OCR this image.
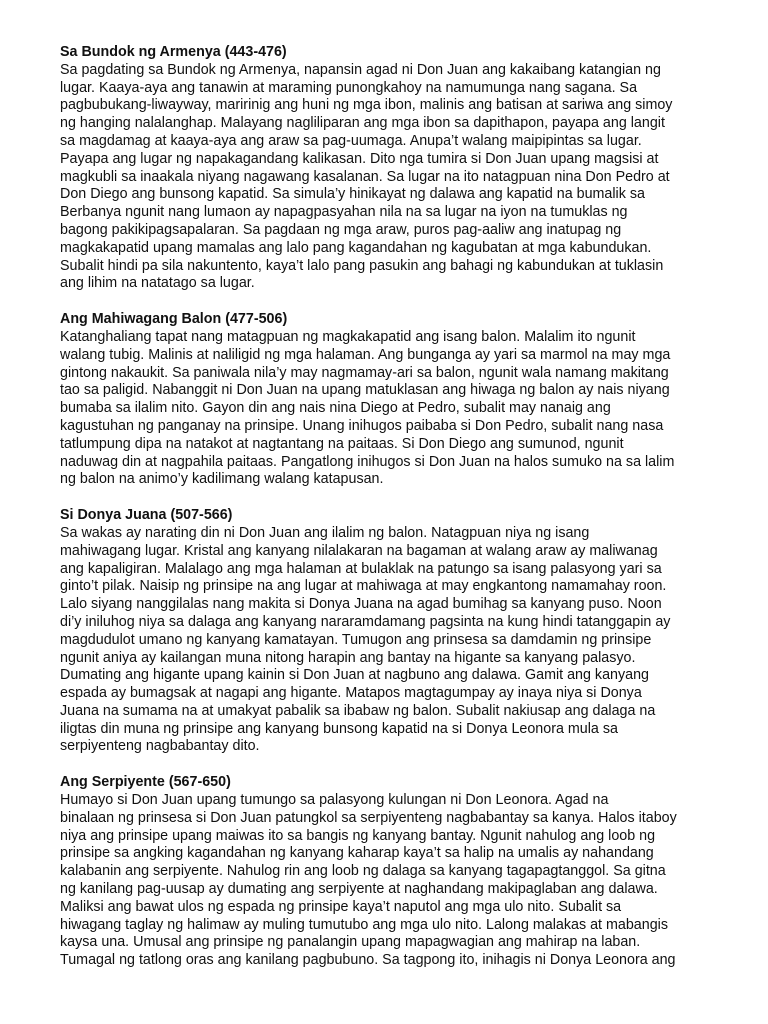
Sa Bundok ng Armenya (443-476)
Sa pagdating sa Bundok ng Armenya, napansin agad ni Don Juan ang kakaibang katangian ng
lugar. Kaaya-aya ang tanawin at maraming punongkahoy na namumunga nang sagana. Sa
pagbubukang-liwayway, maririnig ang huni ng mga ibon, malinis ang batisan at sariwa ang simoy
ng hanging nalalanghap. Malayang nagliliparan ang mga ibon sa dapithapon, payapa ang langit
sa magdamag at kaaya-aya ang araw sa pag-uumaga. Anupa’t walang maipipintas sa lugar.
Payapa ang lugar ng napakagandang kalikasan. Dito nga tumira si Don Juan upang magsisi at
magkubli sa inaakala niyang nagawang kasalanan. Sa lugar na ito natagpuan nina Don Pedro at
Don Diego ang bunsong kapatid. Sa simula’y hinikayat ng dalawa ang kapatid na bumalik sa
Berbanya ngunit nang lumaon ay napagpasyahan nila na sa lugar na iyon na tumuklas ng
bagong pakikipagsapalaran. Sa pagdaan ng mga araw, puros pag-aaliw ang inatupag ng
magkakapatid upang mamalas ang lalo pang kagandahan ng kagubatan at mga kabundukan.
Subalit hindi pa sila nakuntento, kaya’t lalo pang pasukin ang bahagi ng kabundukan at tuklasin
ang lihim na natatago sa lugar.
Ang Mahiwagang Balon (477-506)
Katanghaliang tapat nang matagpuan ng magkakapatid ang isang balon. Malalim ito ngunit
walang tubig. Malinis at naliligid ng mga halaman. Ang bunganga ay yari sa marmol na may mga
gintong nakaukit. Sa paniwala nila’y may nagmamay-ari sa balon, ngunit wala namang makitang
tao sa paligid. Nabanggit ni Don Juan na upang matuklasan ang hiwaga ng balon ay nais niyang
bumaba sa ilalim nito. Gayon din ang nais nina Diego at Pedro, subalit may nanaig ang
kagustuhan ng panganay na prinsipe. Unang inihugos paibaba si Don Pedro, subalit nang nasa
tatlumpung dipa na natakot at nagtantang na paitaas. Si Don Diego ang sumunod, ngunit
naduwag din at nagpahila paitaas. Pangatlong inihugos si Don Juan na halos sumuko na sa lalim
ng balon na animo’y kadilimang walang katapusan.
Si Donya Juana (507-566)
Sa wakas ay narating din ni Don Juan ang ilalim ng balon. Natagpuan niya ng isang
mahiwagang lugar. Kristal ang kanyang nilalakaran na bagaman at walang araw ay maliwanag
ang kapaligiran. Malalago ang mga halaman at bulaklak na patungo sa isang palasyong yari sa
ginto’t pilak. Naisip ng prinsipe na ang lugar at mahiwaga at may engkantong namamahay roon.
Lalo siyang nanggilalas nang makita si Donya Juana na agad bumihag sa kanyang puso. Noon
di’y iniluhog niya sa dalaga ang kanyang nararamdamang pagsinta na kung hindi tatanggapin ay
magdudulot umano ng kanyang kamatayan. Tumugon ang prinsesa sa damdamin ng prinsipe
ngunit aniya ay kailangan muna nitong harapin ang bantay na higante sa kanyang palasyo.
Dumating ang higante upang kainin si Don Juan at nagbuno ang dalawa. Gamit ang kanyang
espada ay bumagsak at nagapi ang higante. Matapos magtagumpay ay inaya niya si Donya
Juana na sumama na at umakyat pabalik sa ibabaw ng balon. Subalit nakiusap ang dalaga na
iligtas din muna ng prinsipe ang kanyang bunsong kapatid na si Donya Leonora mula sa
serpiyenteng nagbabantay dito.
Ang Serpiyente (567-650)
Humayo si Don Juan upang tumungo sa palasyong kulungan ni Don Leonora. Agad na
binalaan ng prinsesa si Don Juan patungkol sa serpiyenteng nagbabantay sa kanya. Halos itaboy
niya ang prinsipe upang maiwas ito sa bangis ng kanyang bantay. Ngunit nahulog ang loob ng
prinsipe sa angking kagandahan ng kanyang kaharap kaya’t sa halip na umalis ay nahandang
kalabanin ang serpiyente. Nahulog rin ang loob ng dalaga sa kanyang tagapagtanggol. Sa gitna
ng kanilang pag-uusap ay dumating ang serpiyente at naghandang makipaglaban ang dalawa.
Maliksi ang bawat ulos ng espada ng prinsipe kaya’t naputol ang mga ulo nito. Subalit sa
hiwagang taglay ng halimaw ay muling tumutubo ang mga ulo nito. Lalong malakas at mabangis
kaysa una. Umusal ang prinsipe ng panalangin upang mapagwagian ang mahirap na laban.
Tumagal ng tatlong oras ang kanilang pagbubuno. Sa tagpong ito, inihagis ni Donya Leonora ang
